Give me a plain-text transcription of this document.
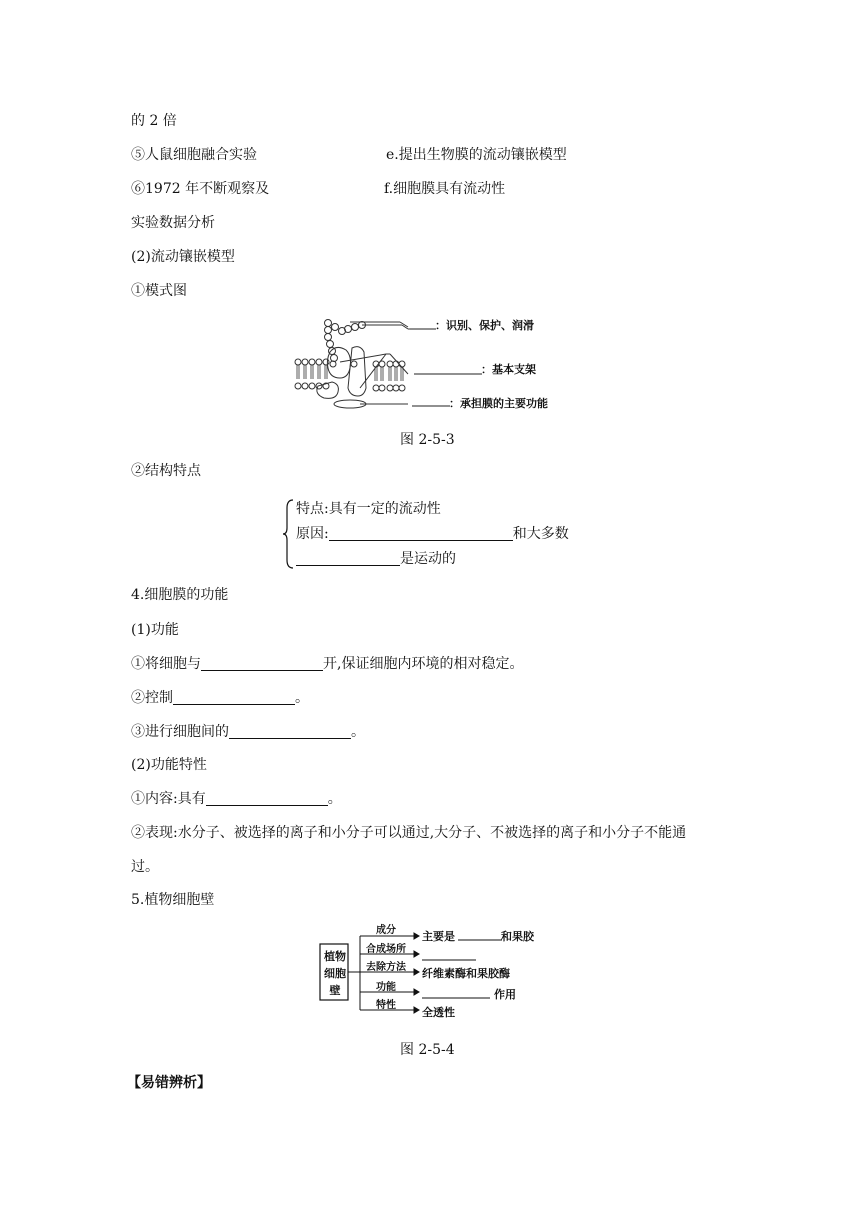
的 2 倍
⑤人鼠细胞融合实验	e.提出生物膜的流动镶嵌模型
⑥1972 年不断观察及	f.细胞膜具有流动性
实验数据分析
(2)流动镶嵌模型
①模式图
：识别、保护、润滑
：基本支架
：承担膜的主要功能
图 2-5-3
②结构特点
特点:具有一定的流动性
原因:	和大多数
是运动的
4.细胞膜的功能
(1)功能
①将细胞与	开,保证细胞内环境的相对稳定。
②控制	。
③进行细胞间的	。
(2)功能特性
①内容:具有	。
②表现:水分子、被选择的离子和小分子可以通过,大分子、不被选择的离子和小分子不能通
过。
5.植物细胞壁
植物
细胞
壁
成分
合成场所
去除方法
功能
特性
主要是	和果胶
纤维素酶和果胶酶
作用
全透性
图 2-5-4
【易错辨析】
